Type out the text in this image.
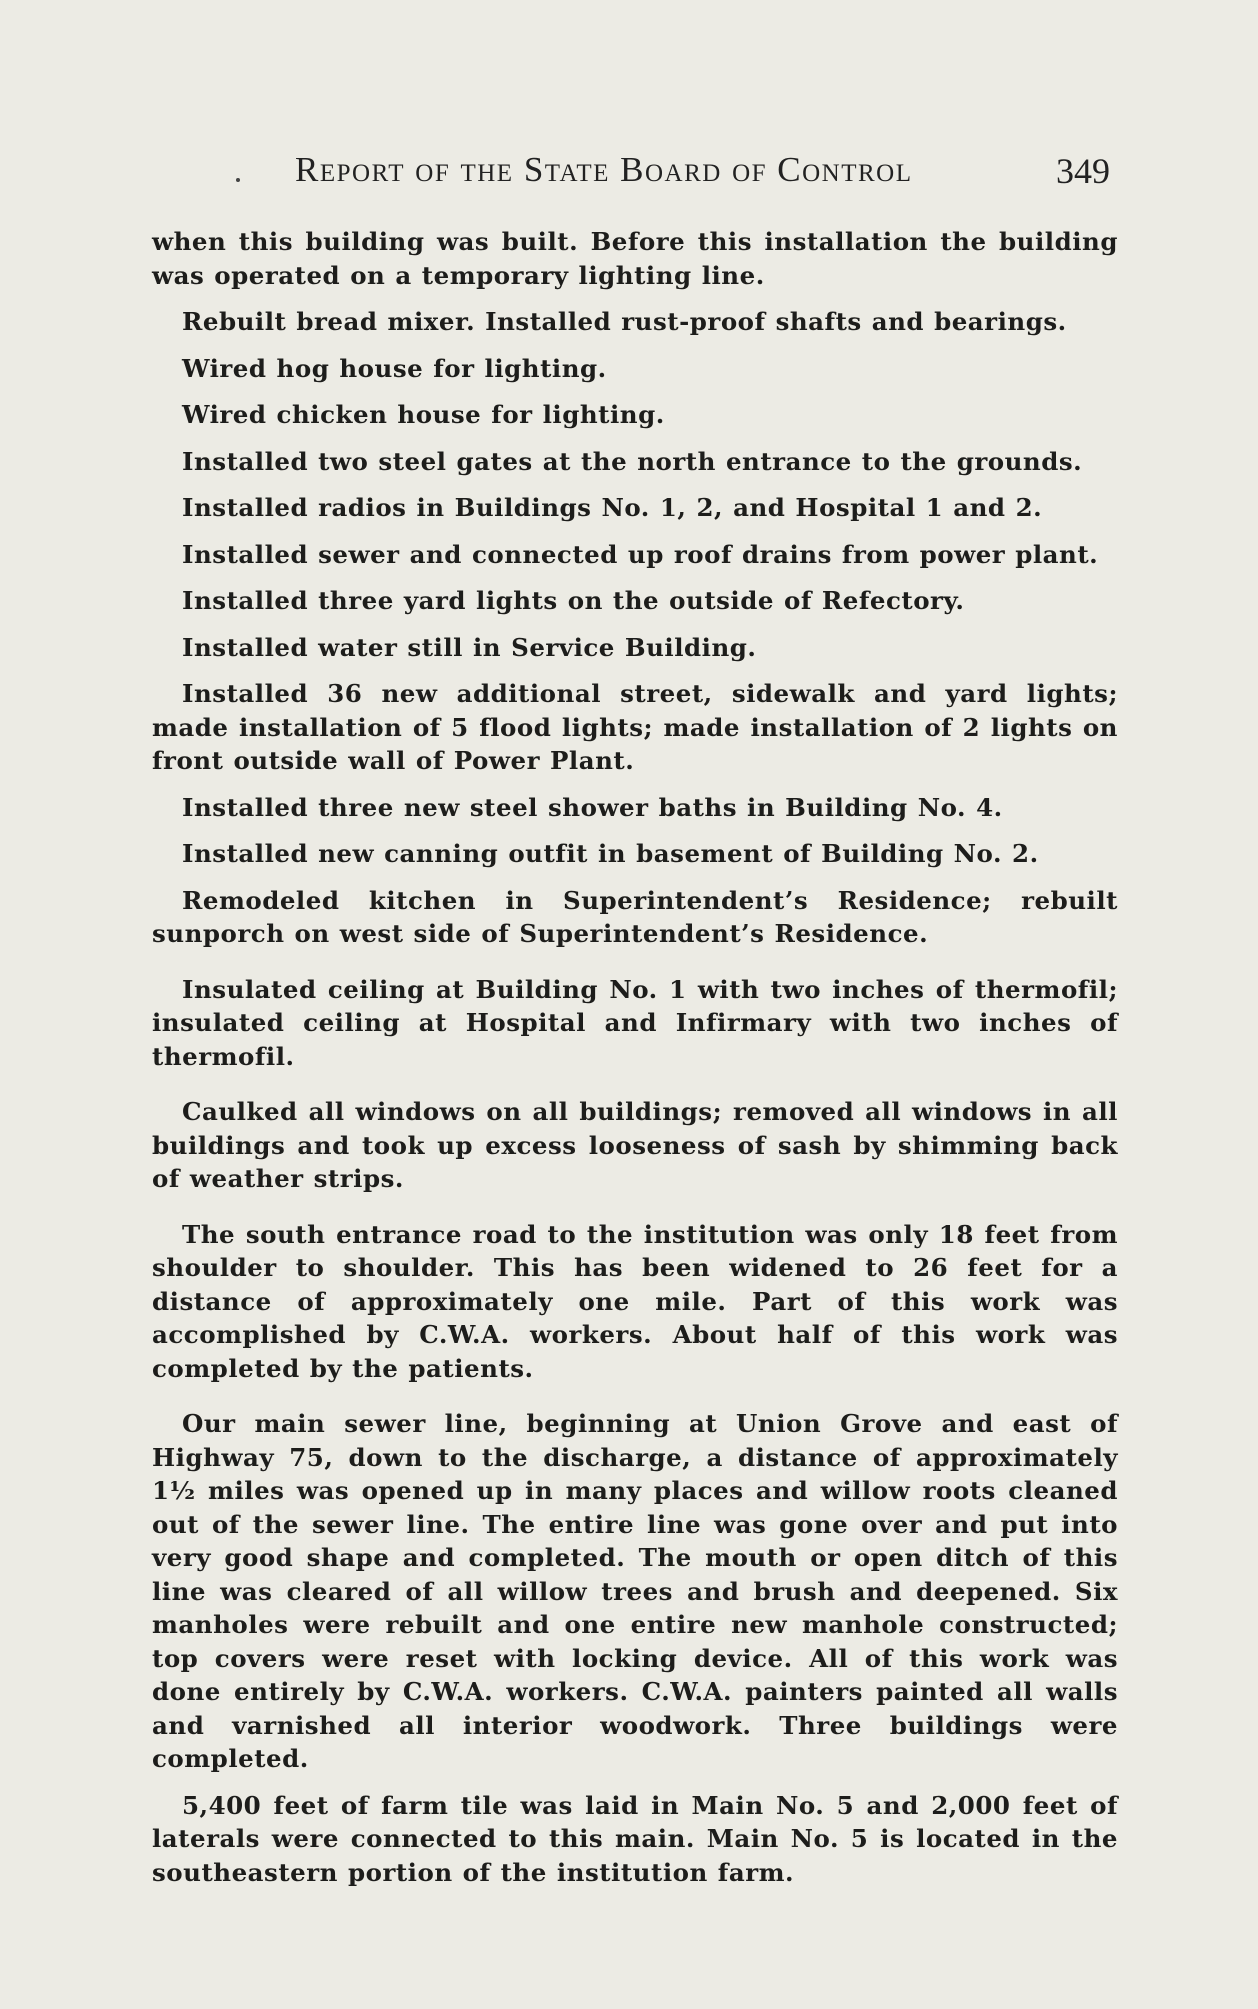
Report of the State Board of Control	349

when this building was built. Before this installation the building was operated on a temporary lighting line.

Rebuilt bread mixer. Installed rust-proof shafts and bearings.

Wired hog house for lighting.

Wired chicken house for lighting.

Installed two steel gates at the north entrance to the grounds.

Installed radios in Buildings No. 1, 2, and Hospital 1 and 2.

Installed sewer and connected up roof drains from power plant.

Installed three yard lights on the outside of Refectory.

Installed water still in Service Building.

Installed 36 new additional street, sidewalk and yard lights; made installation of 5 flood lights; made installation of 2 lights on front outside wall of Power Plant.

Installed three new steel shower baths in Building No. 4.

Installed new canning outfit in basement of Building No. 2.

Remodeled kitchen in Superintendent’s Residence; rebuilt sunporch on west side of Superintendent’s Residence.

Insulated ceiling at Building No. 1 with two inches of thermofil; insulated ceiling at Hospital and Infirmary with two inches of thermofil.

Caulked all windows on all buildings; removed all windows in all buildings and took up excess looseness of sash by shimming back of weather strips.

The south entrance road to the institution was only 18 feet from shoulder to shoulder. This has been widened to 26 feet for a distance of approximately one mile. Part of this work was accomplished by C.W.A. workers. About half of this work was completed by the patients.

Our main sewer line, beginning at Union Grove and east of Highway 75, down to the discharge, a distance of approximately 1½ miles was opened up in many places and willow roots cleaned out of the sewer line. The entire line was gone over and put into very good shape and completed. The mouth or open ditch of this line was cleared of all willow trees and brush and deepened. Six manholes were rebuilt and one entire new manhole constructed; top covers were reset with locking device. All of this work was done entirely by C.W.A. workers. C.W.A. painters painted all walls and varnished all interior woodwork. Three buildings were completed.

5,400 feet of farm tile was laid in Main No. 5 and 2,000 feet of laterals were connected to this main. Main No. 5 is located in the southeastern portion of the institution farm.
